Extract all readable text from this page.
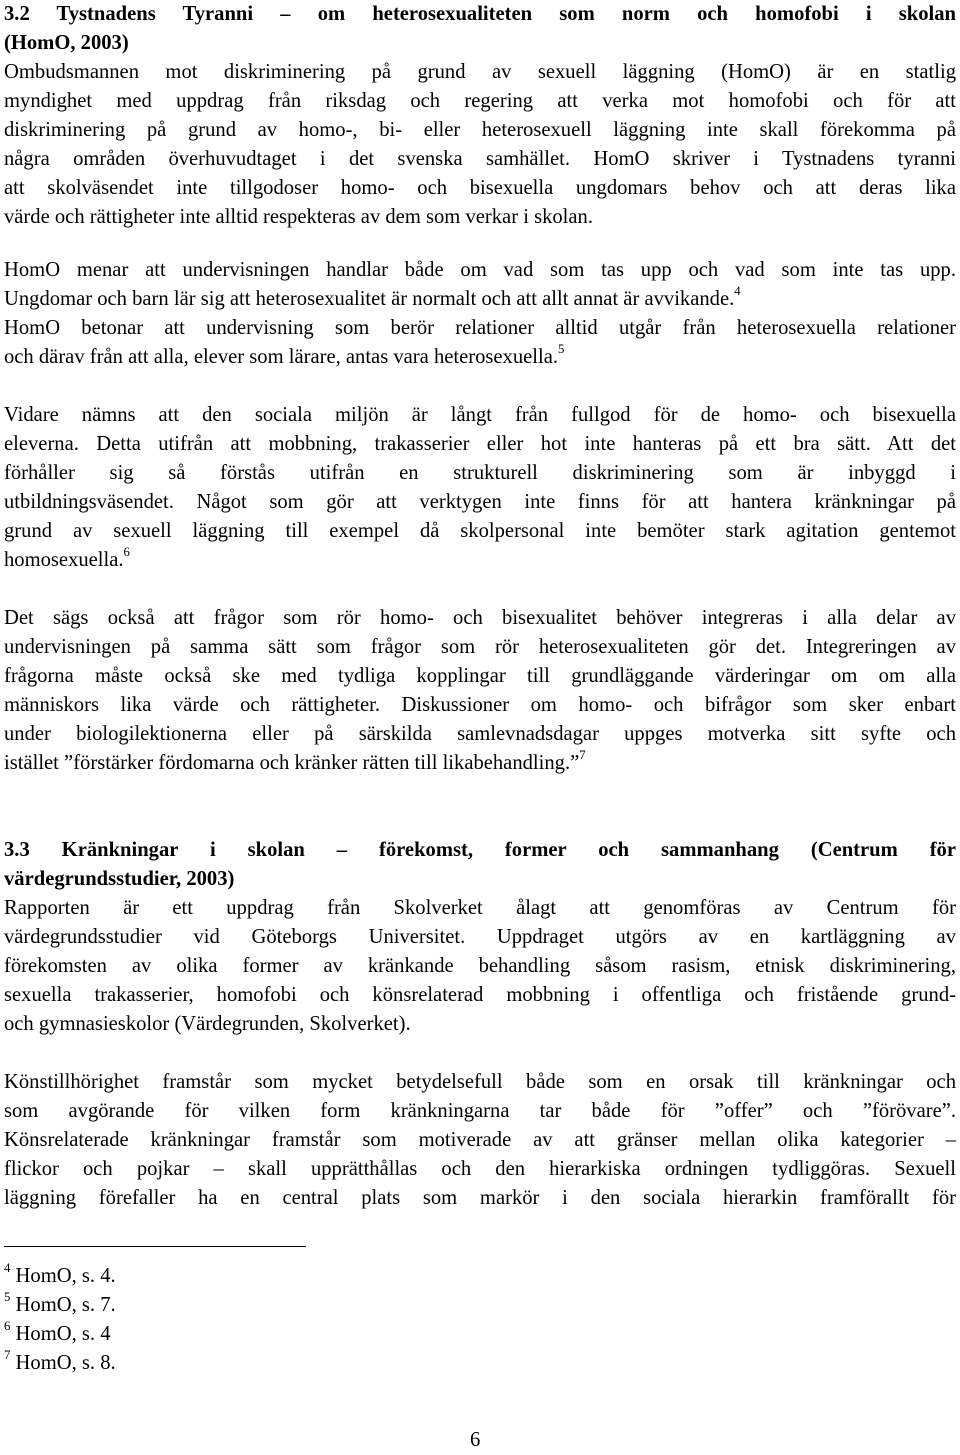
3.2 Tystnadens Tyranni – om heterosexualiteten som norm och homofobi i skolan
(HomO, 2003)
Ombudsmannen mot diskriminering på grund av sexuell läggning (HomO) är en statlig
myndighet med uppdrag från riksdag och regering att verka mot homofobi och för att
diskriminering på grund av homo-, bi- eller heterosexuell läggning inte skall förekomma på
några områden överhuvudtaget i det svenska samhället. HomO skriver i Tystnadens tyranni
att skolväsendet inte tillgodoser homo- och bisexuella ungdomars behov och att deras lika
värde och rättigheter inte alltid respekteras av dem som verkar i skolan.
HomO menar att undervisningen handlar både om vad som tas upp och vad som inte tas upp.
Ungdomar och barn lär sig att heterosexualitet är normalt och att allt annat är avvikande.$^4$
HomO betonar att undervisning som berör relationer alltid utgår från heterosexuella relationer
och därav från att alla, elever som lärare, antas vara heterosexuella.$^5$
Vidare nämns att den sociala miljön är långt från fullgod för de homo- och bisexuella
eleverna. Detta utifrån att mobbning, trakasserier eller hot inte hanteras på ett bra sätt. Att det
förhåller sig så förstås utifrån en strukturell diskriminering som är inbyggd i
utbildningsväsendet. Något som gör att verktygen inte finns för att hantera kränkningar på
grund av sexuell läggning till exempel då skolpersonal inte bemöter stark agitation gentemot
homosexuella.$^6$
Det sägs också att frågor som rör homo- och bisexualitet behöver integreras i alla delar av
undervisningen på samma sätt som frågor som rör heterosexualiteten gör det. Integreringen av
frågorna måste också ske med tydliga kopplingar till grundläggande värderingar om om alla
människors lika värde och rättigheter. Diskussioner om homo- och bifrågor som sker enbart
under biologilektionerna eller på särskilda samlevnadsdagar uppges motverka sitt syfte och
istället ”förstärker fördomarna och kränker rätten till likabehandling.”$^7$
3.3 Kränkningar i skolan – förekomst, former och sammanhang (Centrum för
värdegrundsstudier, 2003)
Rapporten är ett uppdrag från Skolverket ålagt att genomföras av Centrum för
värdegrundsstudier vid Göteborgs Universitet. Uppdraget utgörs av en kartläggning av
förekomsten av olika former av kränkande behandling såsom rasism, etnisk diskriminering,
sexuella trakasserier, homofobi och könsrelaterad mobbning i offentliga och fristående grund-
och gymnasieskolor (Värdegrunden, Skolverket).
Könstillhörighet framstår som mycket betydelsefull både som en orsak till kränkningar och
som avgörande för vilken form kränkningarna tar både för ”offer” och ”förövare”.
Könsrelaterade kränkningar framstår som motiverade av att gränser mellan olika kategorier –
flickor och pojkar – skall upprätthållas och den hierarkiska ordningen tydliggöras. Sexuell
läggning förefaller ha en central plats som markör i den sociala hierarkin framförallt för
$^4$ HomO, s. 4.
$^5$ HomO, s. 7.
$^6$ HomO, s. 4
$^7$ HomO, s. 8.
6
